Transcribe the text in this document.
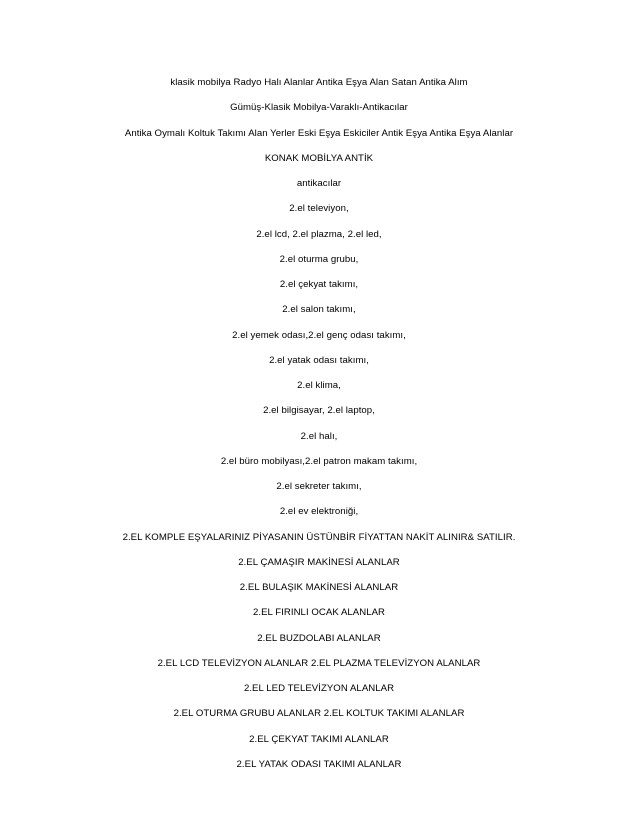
klasik mobilya Radyo Halı Alanlar Antika Eşya Alan Satan Antika Alım
Gümüş-Klasik Mobilya-Varaklı-Antikacılar
Antika Oymalı Koltuk Takımı Alan Yerler Eski Eşya Eskiciler Antik Eşya Antika Eşya Alanlar
KONAK MOBİLYA ANTİK
antikacılar
2.el televiyon,
2.el lcd, 2.el plazma, 2.el led,
2.el oturma grubu,
2.el çekyat takımı,
2.el salon takımı,
2.el yemek odası,2.el genç odası takımı,
2.el yatak odası takımı,
2.el klima,
2.el bilgisayar, 2.el laptop,
2.el halı,
2.el büro mobilyası,2.el patron makam takımı,
2.el sekreter takımı,
2.el ev elektroniği,
2.EL KOMPLE EŞYALARINIZ PİYASANIN ÜSTÜNBİR FİYATTAN NAKİT ALINIR& SATILIR.
2.EL ÇAMAŞIR MAKİNESİ ALANLAR
2.EL BULAŞIK MAKİNESİ ALANLAR
2.EL FIRINLI OCAK ALANLAR
2.EL BUZDOLABI ALANLAR
2.EL LCD TELEVİZYON ALANLAR 2.EL PLAZMA TELEVİZYON ALANLAR
2.EL LED TELEVİZYON ALANLAR
2.EL OTURMA GRUBU ALANLAR 2.EL KOLTUK TAKIMI ALANLAR
2.EL ÇEKYAT TAKIMI ALANLAR
2.EL YATAK ODASI TAKIMI ALANLAR
